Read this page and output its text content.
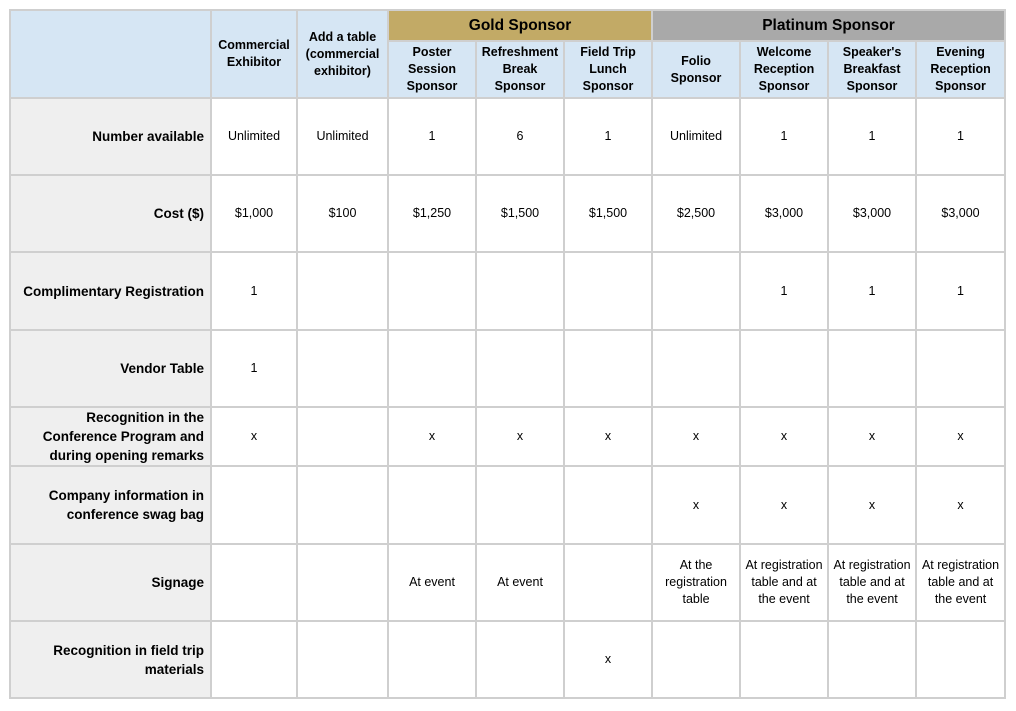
	Commercial Exhibitor	Add a table (commercial exhibitor)	Gold Sponsor			Platinum Sponsor			
			Poster Session Sponsor	Refreshment Break Sponsor	Field Trip Lunch Sponsor	Folio Sponsor	Welcome Reception Sponsor	Speaker's Breakfast Sponsor	Evening Reception Sponsor
Number available	Unlimited	Unlimited	1	6	1	Unlimited	1	1	1
Cost ($)	$1,000	$100	$1,250	$1,500	$1,500	$2,500	$3,000	$3,000	$3,000
Complimentary Registration	1						1	1	1
Vendor Table	1								
Recognition in the Conference Program and during opening remarks	x		x	x	x	x	x	x	x
Company information in conference swag bag						x	x	x	x
Signage			At event	At event		At the registration table	At registration table and at the event	At registration table and at the event	At registration table and at the event
Recognition in field trip materials					x				
